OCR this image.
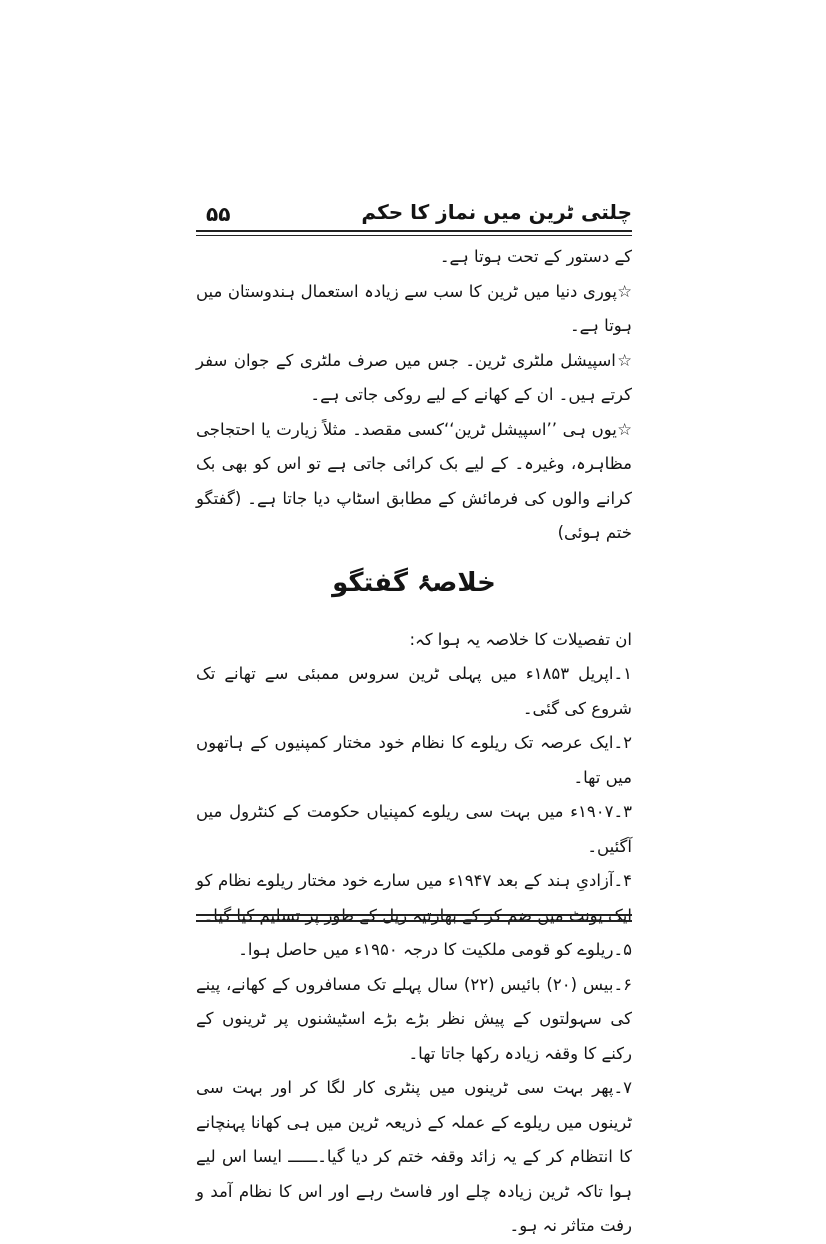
چلتی ٹرین میں نماز کا حکم
۵۵

کے دستور کے تحت ہوتا ہے۔

☆پوری دنیا میں ٹرین کا سب سے زیادہ استعمال ہندوستان میں ہوتا ہے۔

☆اسپیشل ملٹری ٹرین۔ جس میں صرف ملٹری کے جوان سفر کرتے ہیں۔ ان کے کھانے کے لیے روکی جاتی ہے۔

☆یوں ہی ’’اسپیشل ٹرین‘‘کسی مقصد۔ مثلاً زیارت یا احتجاجی مظاہرہ، وغیرہ۔ کے لیے بک کرائی جاتی ہے تو اس کو بھی بک کرانے والوں کی فرمائش کے مطابق اسٹاپ دیا جاتا ہے۔ (گفتگو ختم ہوئی)

خلاصۂ گفتگو

ان تفصیلات کا خلاصہ یہ ہوا کہ:

۱۔اپریل ۱۸۵۳ء میں پہلی ٹرین سروس ممبئی سے تھانے تک شروع کی گئی۔

۲۔ایک عرصہ تک ریلوے کا نظام خود مختار کمپنیوں کے ہاتھوں میں تھا۔

۳۔۱۹۰۷ء میں بہت سی ریلوے کمپنیاں حکومت کے کنٹرول میں آگئیں۔

۴۔آزادیِ ہند کے بعد ۱۹۴۷ء میں سارے خود مختار ریلوے نظام کو ایک یونٹ میں ضم کر کے بھارتیہ ریل کے طور پر تسلیم کیا گیا۔

۵۔ریلوے کو قومی ملکیت کا درجہ ۱۹۵۰ء میں حاصل ہوا۔

۶۔بیس (۲۰) بائیس (۲۲) سال پہلے تک مسافروں کے کھانے، پینے کی سہولتوں کے پیش نظر بڑے بڑے اسٹیشنوں پر ٹرینوں کے رکنے کا وقفہ زیادہ رکھا جاتا تھا۔

۷۔پھر بہت سی ٹرینوں میں پنٹری کار لگا کر اور بہت سی ٹرینوں میں ریلوے کے عملہ کے ذریعہ ٹرین میں ہی کھانا پہنچانے کا انتظام کر کے یہ زائد وقفہ ختم کر دیا گیا۔ــــــ ایسا اس لیے ہوا تاکہ ٹرین زیادہ چلے اور فاسٹ رہے اور اس کا نظام آمد و رفت متاثر نہ ہو۔
